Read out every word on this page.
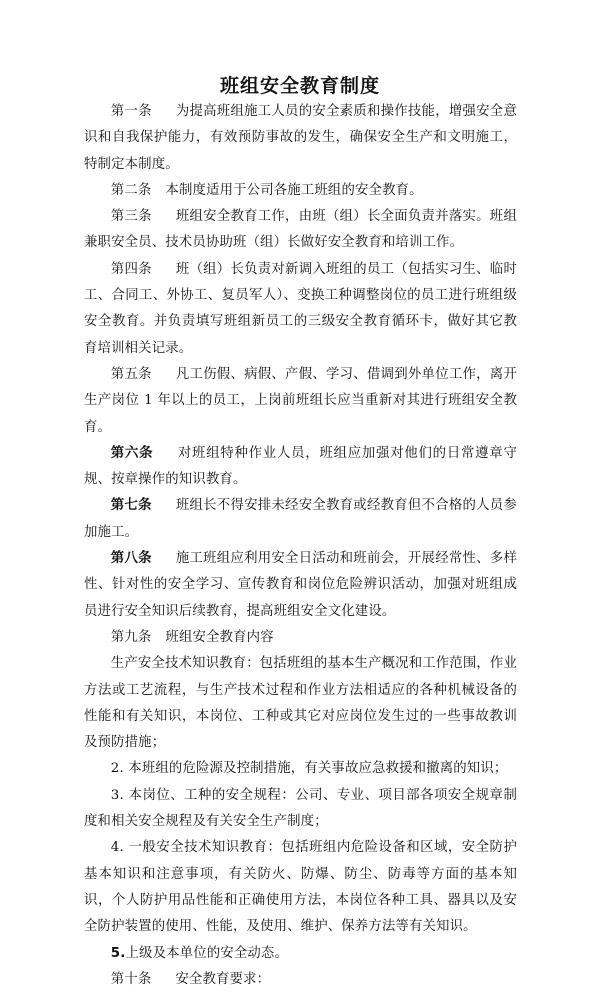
班组安全教育制度

第一条 为提高班组施工人员的安全素质和操作技能，增强安全意识和自我保护能力，有效预防事故的发生，确保安全生产和文明施工，特制定本制度。

第二条 本制度适用于公司各施工班组的安全教育。

第三条 班组安全教育工作，由班（组）长全面负责并落实。班组兼职安全员、技术员协助班（组）长做好安全教育和培训工作。

第四条 班（组）长负责对新调入班组的员工（包括实习生、临时工、合同工、外协工、复员军人）、变换工种调整岗位的员工进行班组级安全教育。并负责填写班组新员工的三级安全教育循环卡，做好其它教育培训相关记录。

第五条 凡工伤假、病假、产假、学习、借调到外单位工作，离开生产岗位 1 年以上的员工，上岗前班组长应当重新对其进行班组安全教育。

第六条 对班组特种作业人员，班组应加强对他们的日常遵章守规、按章操作的知识教育。

第七条 班组长不得安排未经安全教育或经教育但不合格的人员参加施工。

第八条 施工班组应利用安全日活动和班前会，开展经常性、多样性、针对性的安全学习、宣传教育和岗位危险辨识活动，加强对班组成员进行安全知识后续教育，提高班组安全文化建设。

第九条 班组安全教育内容

生产安全技术知识教育：包括班组的基本生产概况和工作范围，作业方法或工艺流程，与生产技术过程和作业方法相适应的各种机械设备的性能和有关知识，本岗位、工种或其它对应岗位发生过的一些事故教训及预防措施；

2. 本班组的危险源及控制措施，有关事故应急救援和撤离的知识；

3. 本岗位、工种的安全规程：公司、专业、项目部各项安全规章制度和相关安全规程及有关安全生产制度；

4. 一般安全技术知识教育：包括班组内危险设备和区域，安全防护基本知识和注意事项，有关防火、防爆、防尘、防毒等方面的基本知识，个人防护用品性能和正确使用方法，本岗位各种工具、器具以及安全防护装置的使用、性能，及使用、维护、保养方法等有关知识。

5.上级及本单位的安全动态。

第十条 安全教育要求：
